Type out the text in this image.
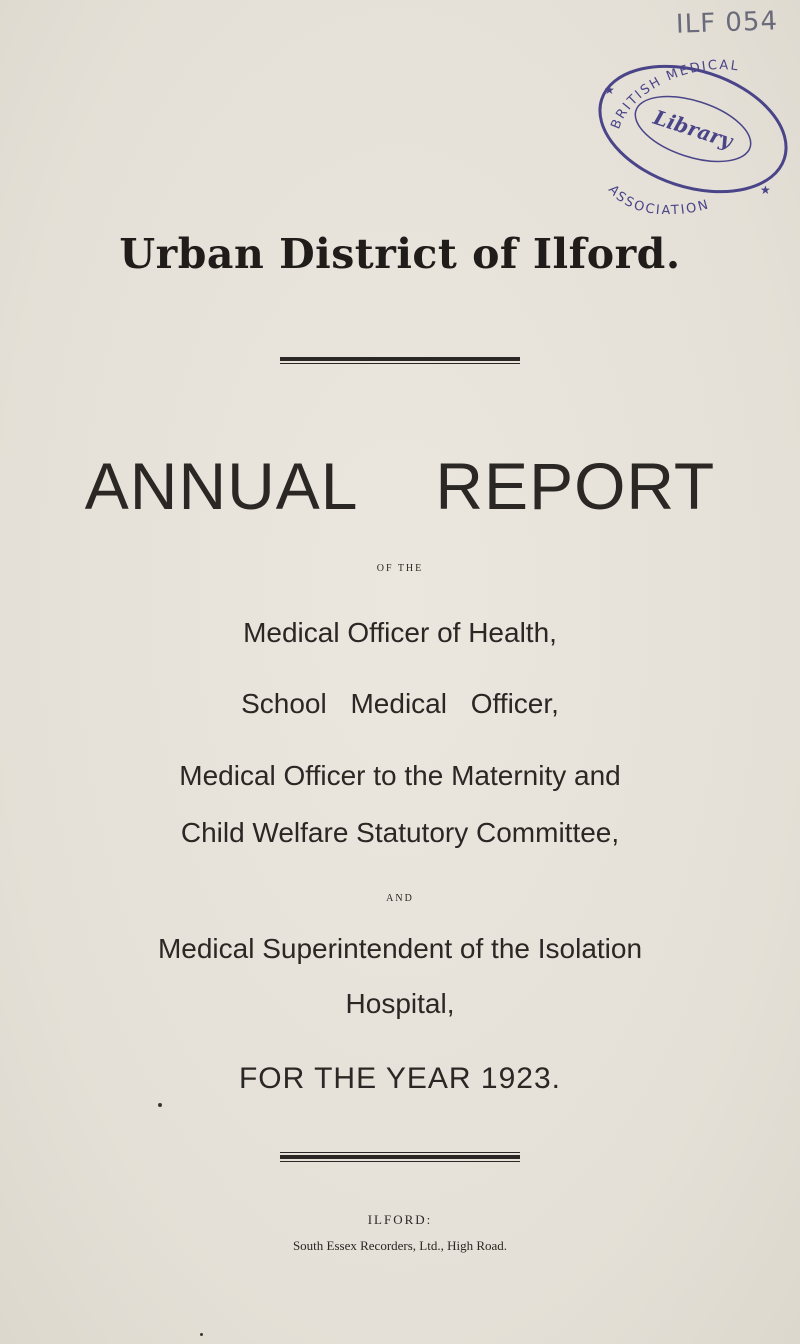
ILF 054
BRITISH MEDICAL
ASSOCIATION
Library
★
★
Urban District of Ilford.
ANNUAL REPORT
OF THE
Medical Officer of Health,
School Medical Officer,
Medical Officer to the Maternity and
Child Welfare Statutory Committee,
AND
Medical Superintendent of the Isolation
Hospital,
FOR THE YEAR 1923.
ILFORD:
South Essex Recorders, Ltd., High Road.
